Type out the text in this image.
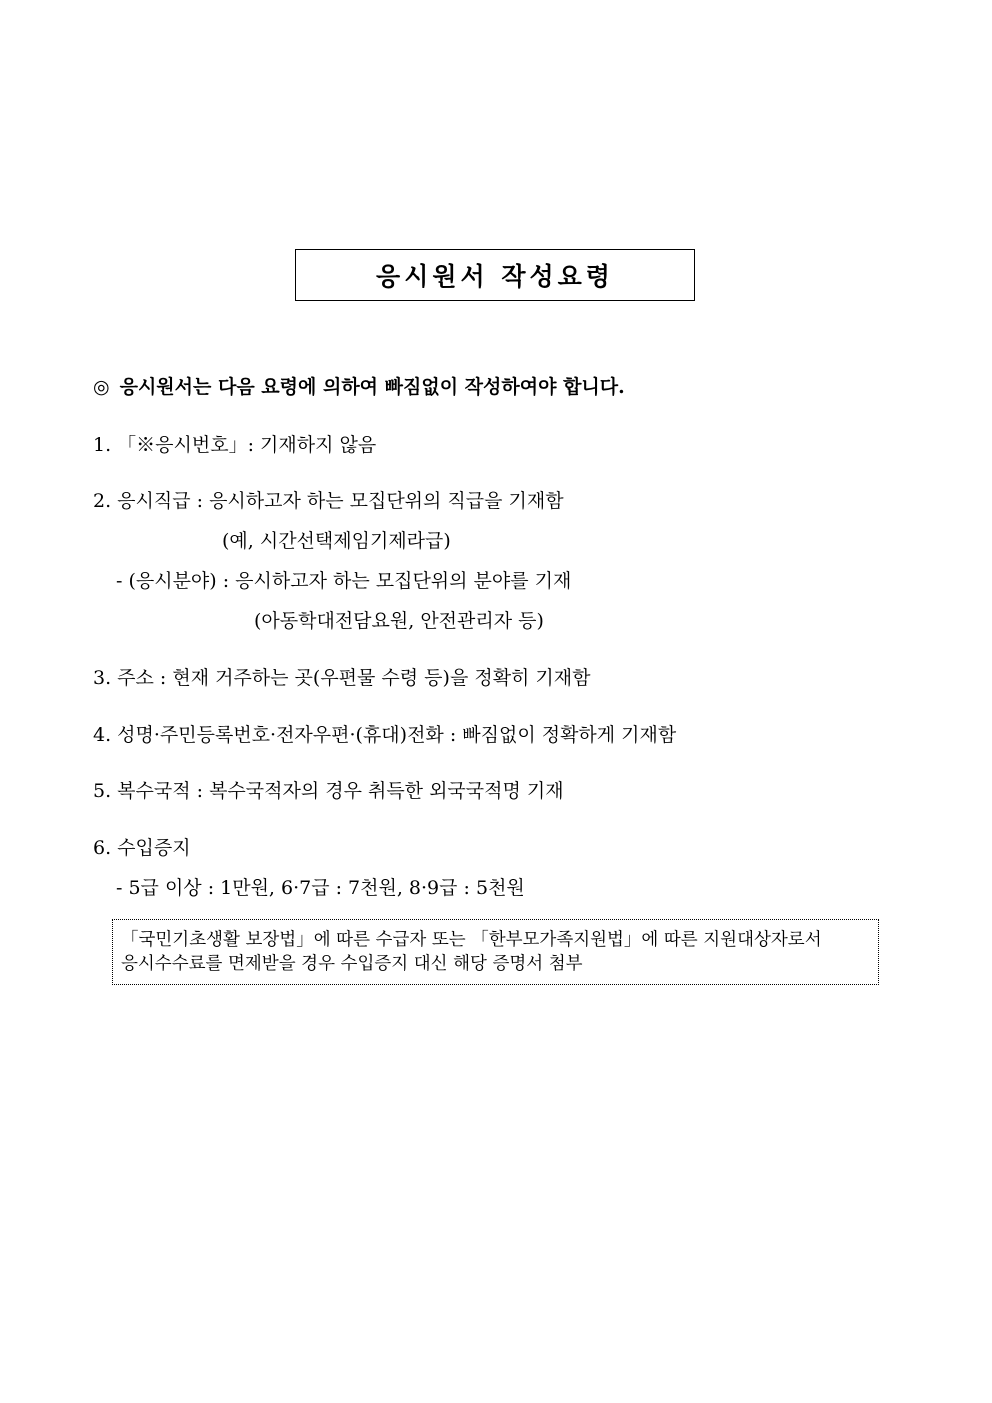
응시원서 작성요령
◎ 응시원서는 다음 요령에 의하여 빠짐없이 작성하여야 합니다.
1. 「※응시번호」: 기재하지 않음
2. 응시직급 : 응시하고자 하는 모집단위의 직급을 기재함
(예, 시간선택제임기제라급)
- (응시분야) : 응시하고자 하는 모집단위의 분야를 기재
(아동학대전담요원, 안전관리자 등)
3. 주소 : 현재 거주하는 곳(우편물 수령 등)을 정확히 기재함
4. 성명·주민등록번호·전자우편·(휴대)전화 : 빠짐없이 정확하게 기재함
5. 복수국적 : 복수국적자의 경우 취득한 외국국적명 기재
6. 수입증지
- 5급 이상 : 1만원, 6·7급 : 7천원, 8·9급 : 5천원
「국민기초생활 보장법」에 따른 수급자 또는 「한부모가족지원법」에 따른 지원대상자로서
응시수수료를 면제받을 경우 수입증지 대신 해당 증명서 첨부
